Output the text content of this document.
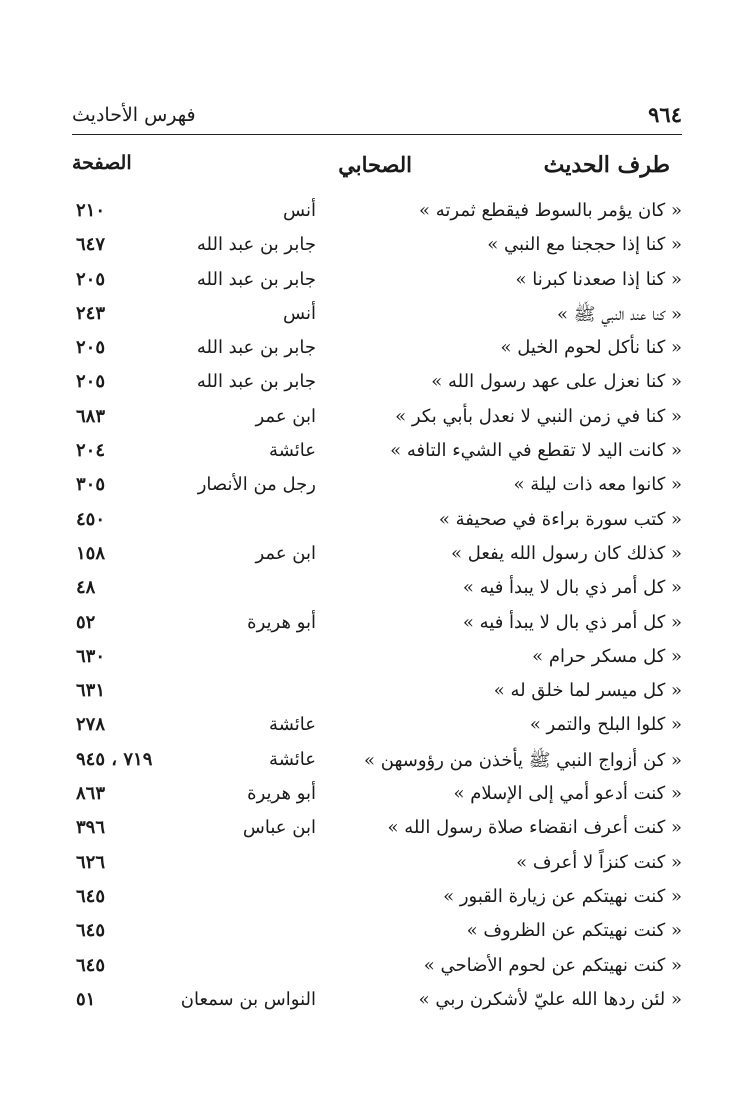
فهرس الأحاديث	٩٦٤
طرف الحديث
الصحابي
الصفحة
« كان يؤمر بالسوط فيقطع ثمرته »
أنس
٢١٠
« كنا إذا حججنا مع النبي »
جابر بن عبد الله
٦٤٧
« كنا إذا صعدنا كبرنا »
جابر بن عبد الله
٢٠٥
« كنا عند النبي ﷺ »
أنس
٢٤٣
« كنا نأكل لحوم الخيل »
جابر بن عبد الله
٢٠٥
« كنا نعزل على عهد رسول الله »
جابر بن عبد الله
٢٠٥
« كنا في زمن النبي لا نعدل بأبي بكر »
ابن عمر
٦٨٣
« كانت اليد لا تقطع في الشيء التافه »
عائشة
٢٠٤
« كانوا معه ذات ليلة »
رجل من الأنصار
٣٠٥
« كتب سورة براءة في صحيفة »
٤٥٠
« كذلك كان رسول الله يفعل »
ابن عمر
١٥٨
« كل أمر ذي بال لا يبدأ فيه »
٤٨
« كل أمر ذي بال لا يبدأ فيه »
أبو هريرة
٥٢
« كل مسكر حرام »
٦٣٠
« كل ميسر لما خلق له »
٦٣١
« كلوا البلح والتمر »
عائشة
٢٧٨
« كن أزواج النبي ﷺ يأخذن من رؤوسهن »
عائشة
٧١٩ ، ٩٤٥
« كنت أدعو أمي إلى الإسلام »
أبو هريرة
٨٦٣
« كنت أعرف انقضاء صلاة رسول الله »
ابن عباس
٣٩٦
« كنت كنزاً لا أعرف »
٦٢٦
« كنت نهيتكم عن زيارة القبور »
٦٤٥
« كنت نهيتكم عن الظروف »
٦٤٥
« كنت نهيتكم عن لحوم الأضاحي »
٦٤٥
« لئن ردها الله عليّ لأشكرن ربي »
النواس بن سمعان
٥١
